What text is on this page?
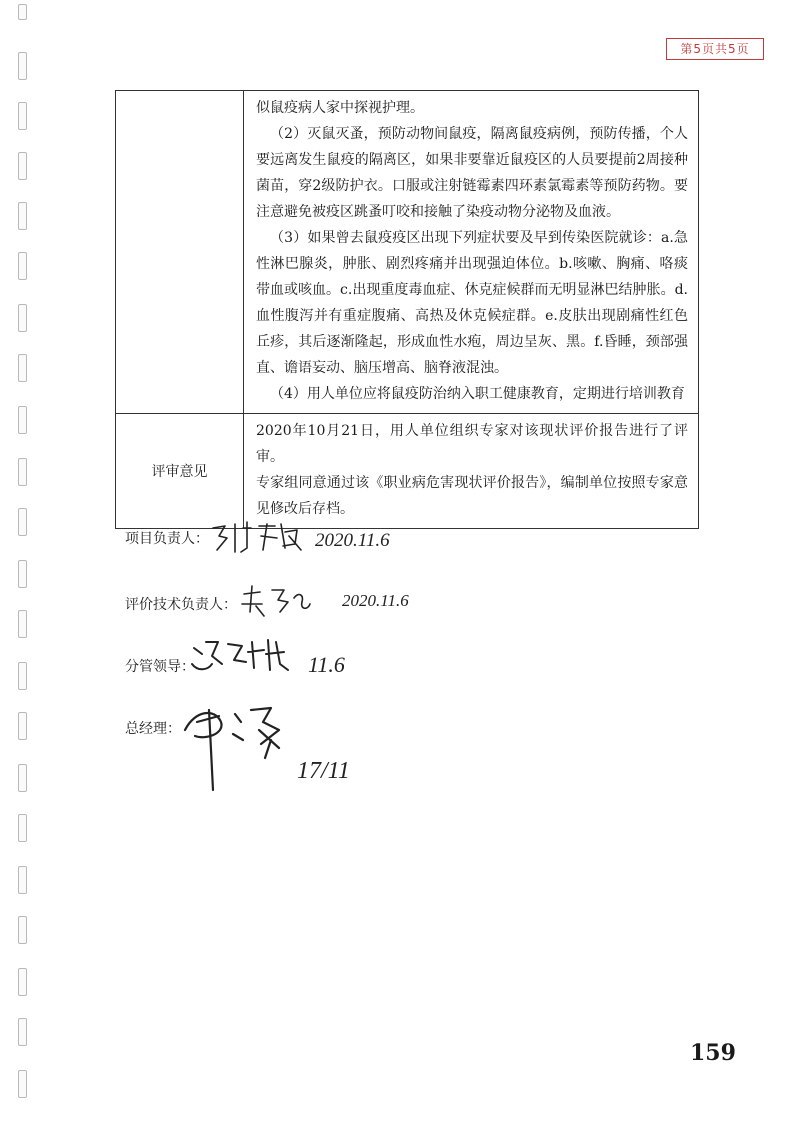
第5页共5页

	似鼠疫病人家中探视护理。

（2）灭鼠灭蚤，预防动物间鼠疫，隔离鼠疫病例，预防传播，个人要远离发生鼠疫的隔离区，如果非要靠近鼠疫区的人员要提前2周接种菌苗，穿2级防护衣。口服或注射链霉素四环素氯霉素等预防药物。要注意避免被疫区跳蚤叮咬和接触了染疫动物分泌物及血液。

（3）如果曾去鼠疫疫区出现下列症状要及早到传染医院就诊：a.急性淋巴腺炎，肿胀、剧烈疼痛并出现强迫体位。b.咳嗽、胸痛、咯痰带血或咳血。c.出现重度毒血症、休克症候群而无明显淋巴结肿胀。d.血性腹泻并有重症腹痛、高热及休克候症群。e.皮肤出现剧痛性红色丘疹，其后逐渐隆起，形成血性水疱，周边呈灰、黑。f.昏睡，颈部强直、谵语妄动、脑压增高、脑脊液混浊。

（4）用人单位应将鼠疫防治纳入职工健康教育，定期进行培训教育

评审意见	2020年10月21日，用人单位组织专家对该现状评价报告进行了评审。

专家组同意通过该《职业病危害现状评价报告》，编制单位按照专家意见修改后存档。

项目负责人：	2020.11.6
评价技术负责人：	2020.11.6
分管领导：	11.6
总经理：
17/11
159
